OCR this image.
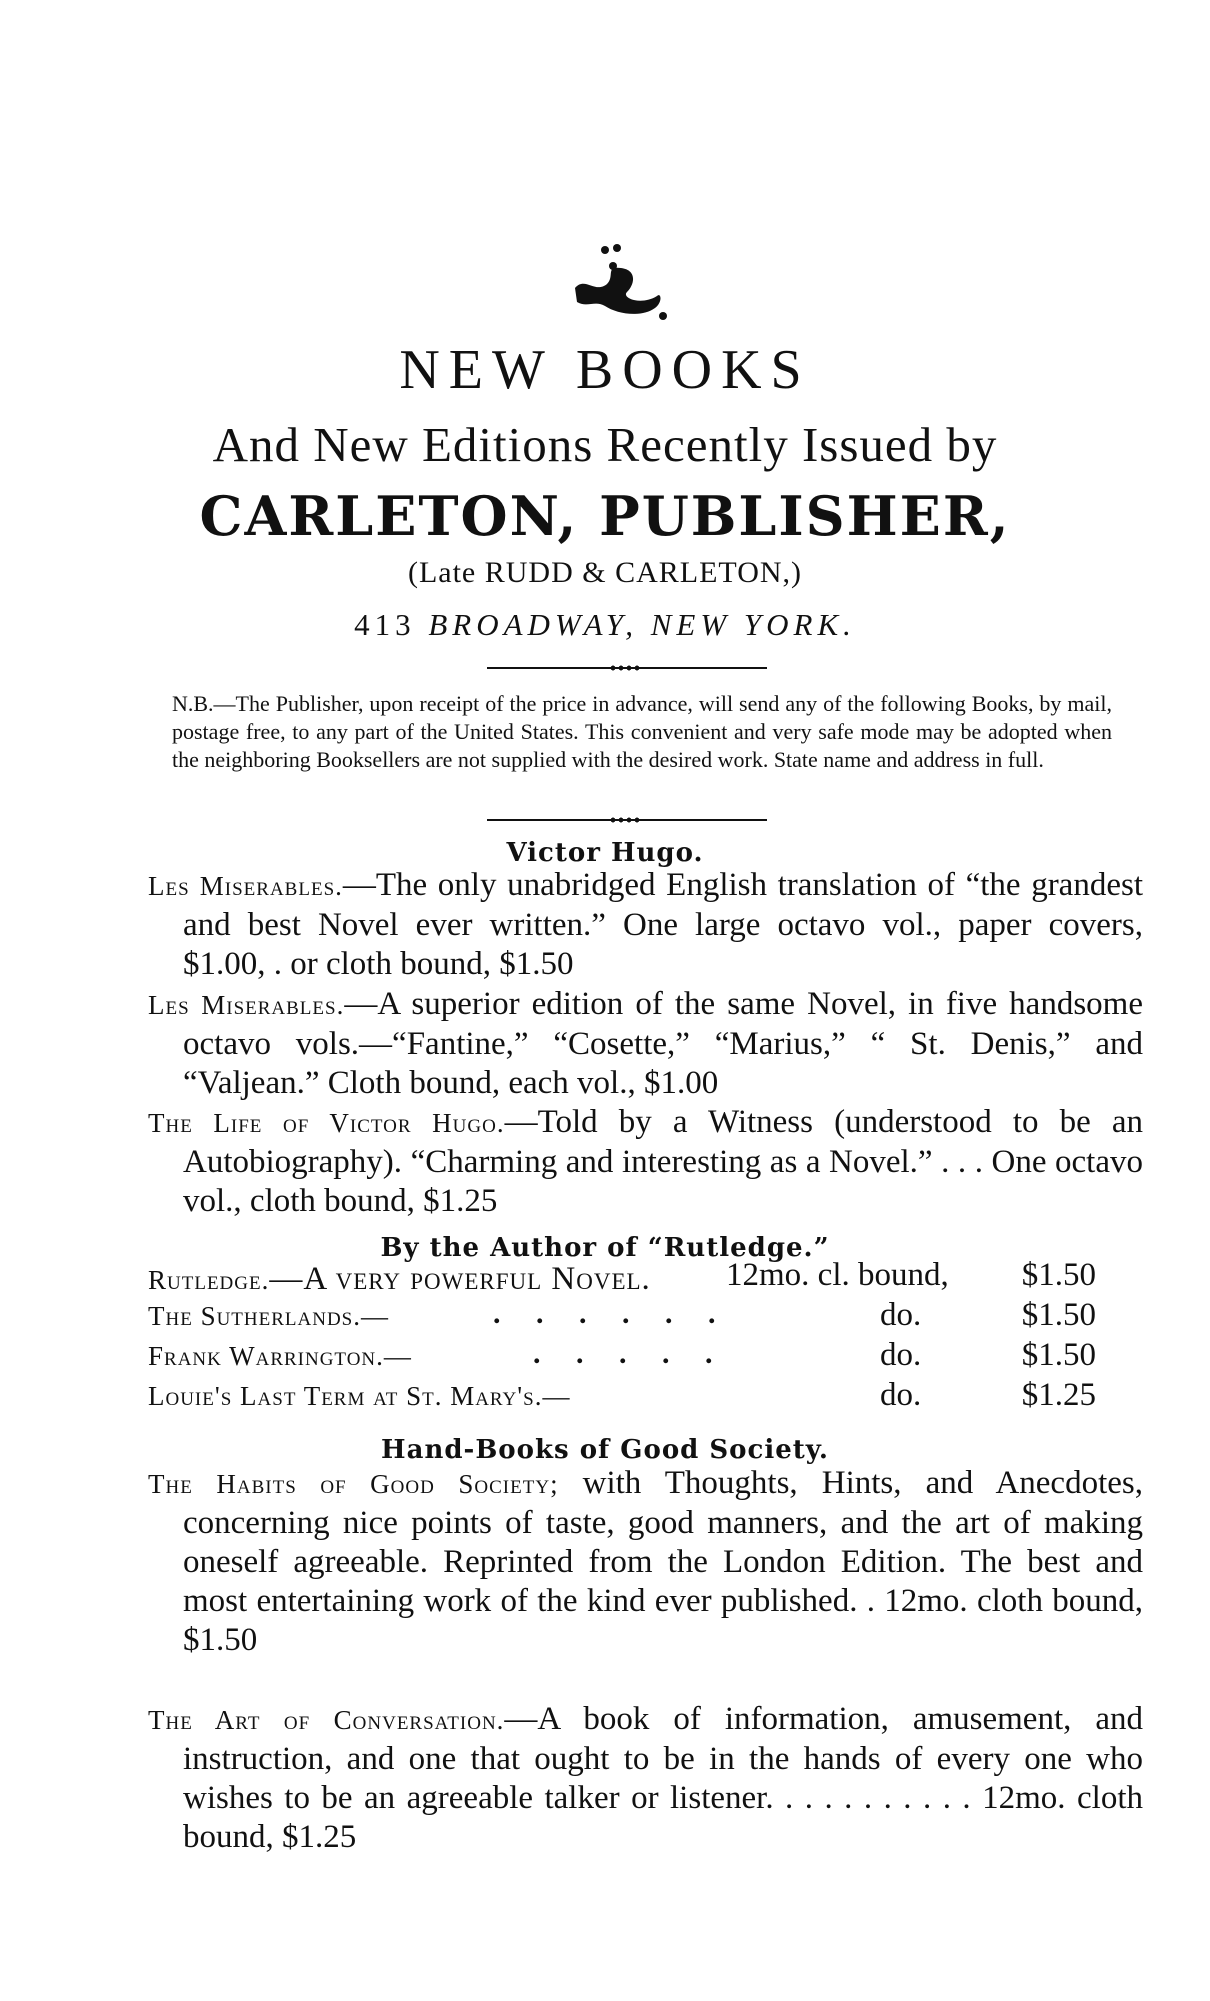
NEW BOOKS
And New Editions Recently Issued by
CARLETON, PUBLISHER,
(Late RUDD & CARLETON,)
413 BROADWAY, NEW YORK.
N.B.—The Publisher, upon receipt of the price in advance, will send any of the following Books, by mail, postage free, to any part of the United States. This convenient and very safe mode may be adopted when the neighboring Booksellers are not supplied with the desired work. State name and address in full.
Victor Hugo.
Les Miserables.—The only unabridged English translation of “the grandest and best Novel ever written.” One large octavo vol., paper covers, $1.00, . or cloth bound, $1.50
Les Miserables.—A superior edition of the same Novel, in five handsome octavo vols.—“Fantine,” “Cosette,” “Marius,” “ St. Denis,” and “Valjean.” Cloth bound, each vol., $1.00
The Life of Victor Hugo.—Told by a Witness (understood to be an Autobiography). “Charming and interesting as a Novel.” . . . One octavo vol., cloth bound, $1.25
By the Author of “Rutledge.”
Rutledge.—A very powerful Novel. 12mo. cl. bound, $1.50
The Sutherlands.—	. . . . . .	do.	$1.50
Frank Warrington.—	. . . . .	do.	$1.50
Louie's Last Term at St. Mary's.—	do.	$1.25
Hand-Books of Good Society.
The Habits of Good Society; with Thoughts, Hints, and Anecdotes, concerning nice points of taste, good manners, and the art of making oneself agreeable. Reprinted from the London Edition. The best and most entertaining work of the kind ever published. . 12mo. cloth bound, $1.50
The Art of Conversation.—A book of information, amusement, and instruction, and one that ought to be in the hands of every one who wishes to be an agreeable talker or listener. . . . . . . . . . . 12mo. cloth bound, $1.25
